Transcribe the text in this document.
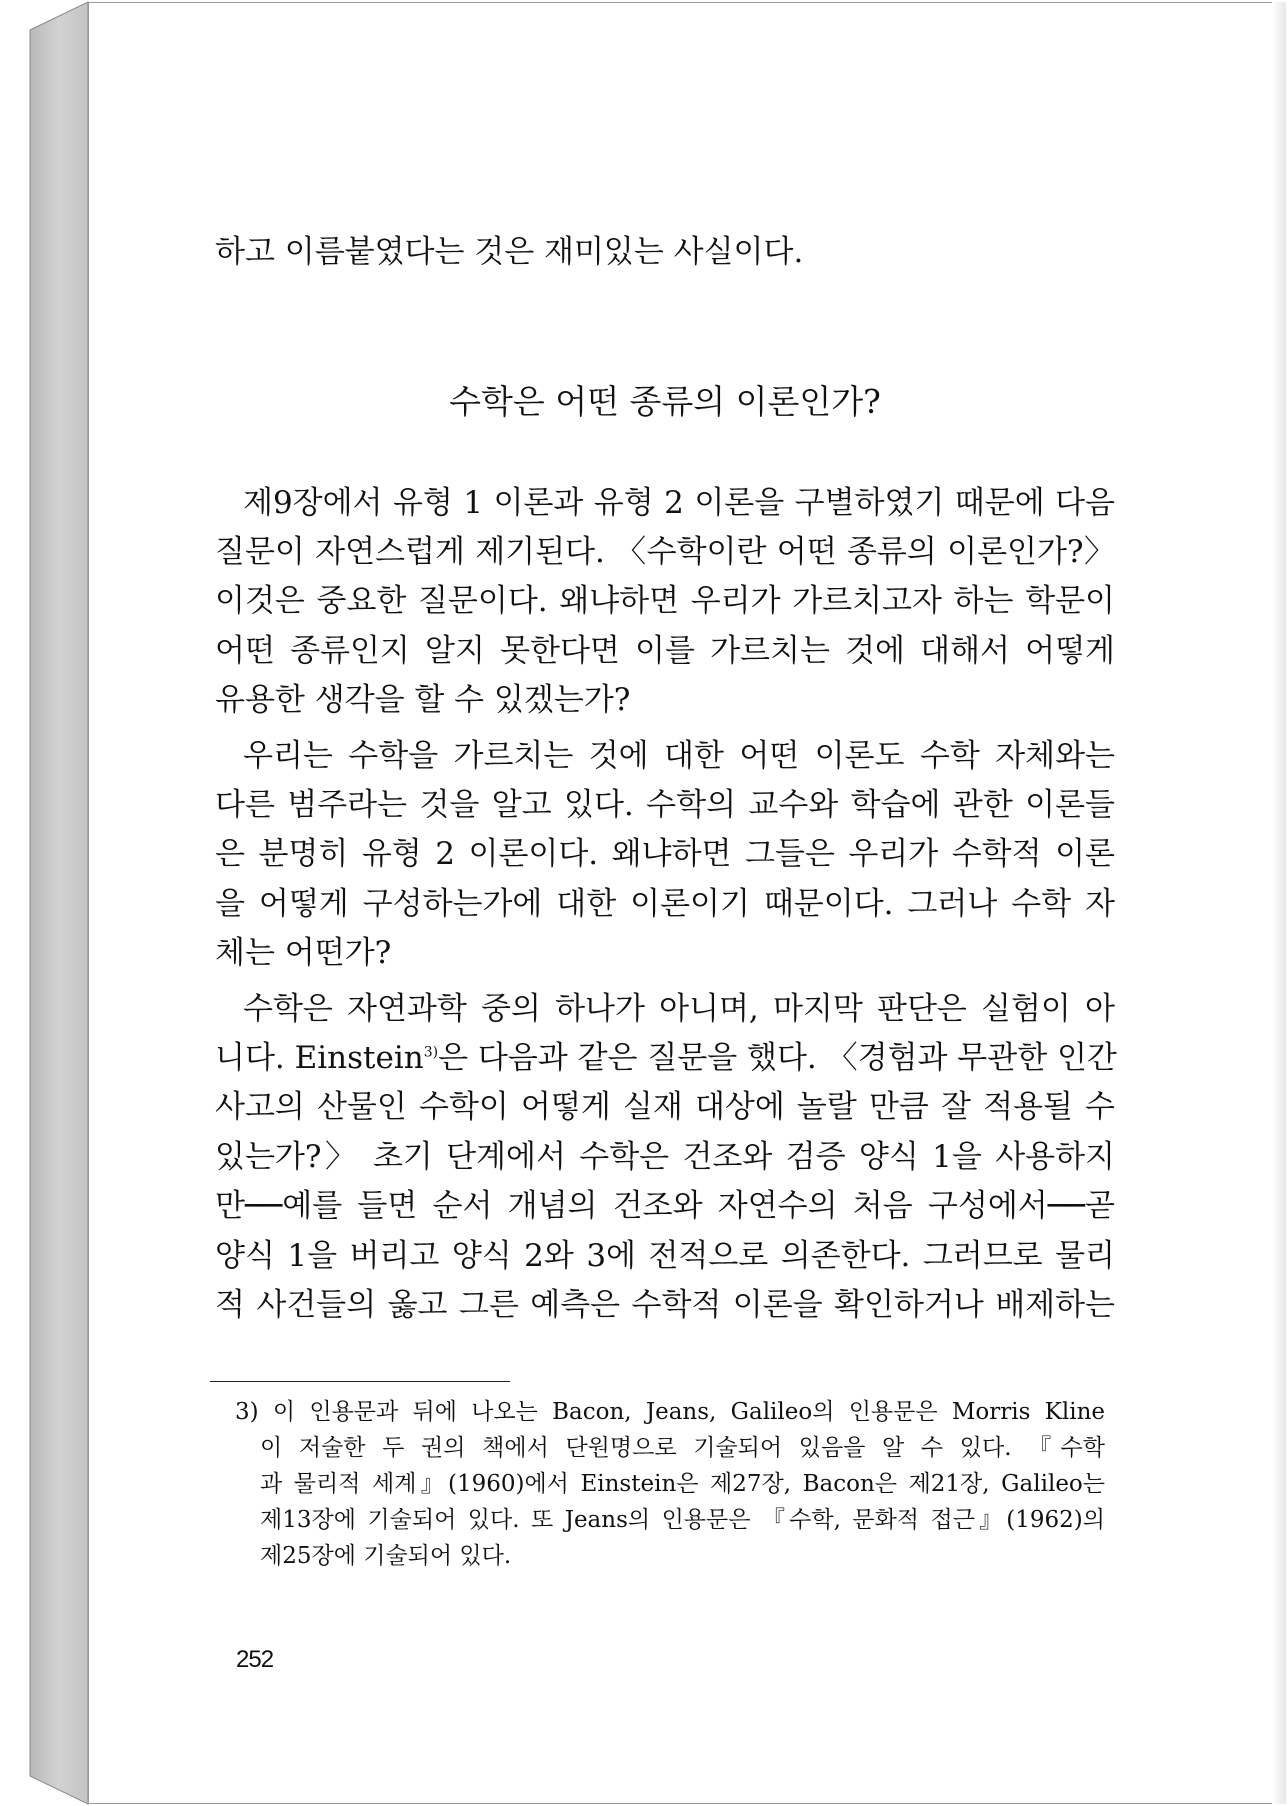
하고 이름붙였다는 것은 재미있는 사실이다.
제9장에서 유형 1 이론과 유형 2 이론을 구별하였기 때문에 다음
질문이 자연스럽게 제기된다. 〈수학이란 어떤 종류의 이론인가?〉
이것은 중요한 질문이다. 왜냐하면 우리가 가르치고자 하는 학문이
어떤 종류인지 알지 못한다면 이를 가르치는 것에 대해서 어떻게
유용한 생각을 할 수 있겠는가?
우리는 수학을 가르치는 것에 대한 어떤 이론도 수학 자체와는
다른 범주라는 것을 알고 있다. 수학의 교수와 학습에 관한 이론들
은 분명히 유형 2 이론이다. 왜냐하면 그들은 우리가 수학적 이론
을 어떻게 구성하는가에 대한 이론이기 때문이다. 그러나 수학 자
체는 어떤가?
수학은 자연과학 중의 하나가 아니며, 마지막 판단은 실험이 아
니다. Einstein$^{3)}$은 다음과 같은 질문을 했다. 〈경험과 무관한 인간
사고의 산물인 수학이 어떻게 실재 대상에 놀랄 만큼 잘 적용될 수
있는가?〉 초기 단계에서 수학은 건조와 검증 양식 1을 사용하지
만──예를 들면 순서 개념의 건조와 자연수의 처음 구성에서──곧
양식 1을 버리고 양식 2와 3에 전적으로 의존한다. 그러므로 물리
적 사건들의 옳고 그른 예측은 수학적 이론을 확인하거나 배제하는
수학은 어떤 종류의 이론인가?
3) 이 인용문과 뒤에 나오는 Bacon, Jeans, Galileo의 인용문은 Morris Kline
이 저술한 두 권의 책에서 단원명으로 기술되어 있음을 알 수 있다. 『수학
과 물리적 세계』(1960)에서 Einstein은 제27장, Bacon은 제21장, Galileo는
제13장에 기술되어 있다. 또 Jeans의 인용문은 『수학, 문화적 접근』(1962)의
제25장에 기술되어 있다.
252
